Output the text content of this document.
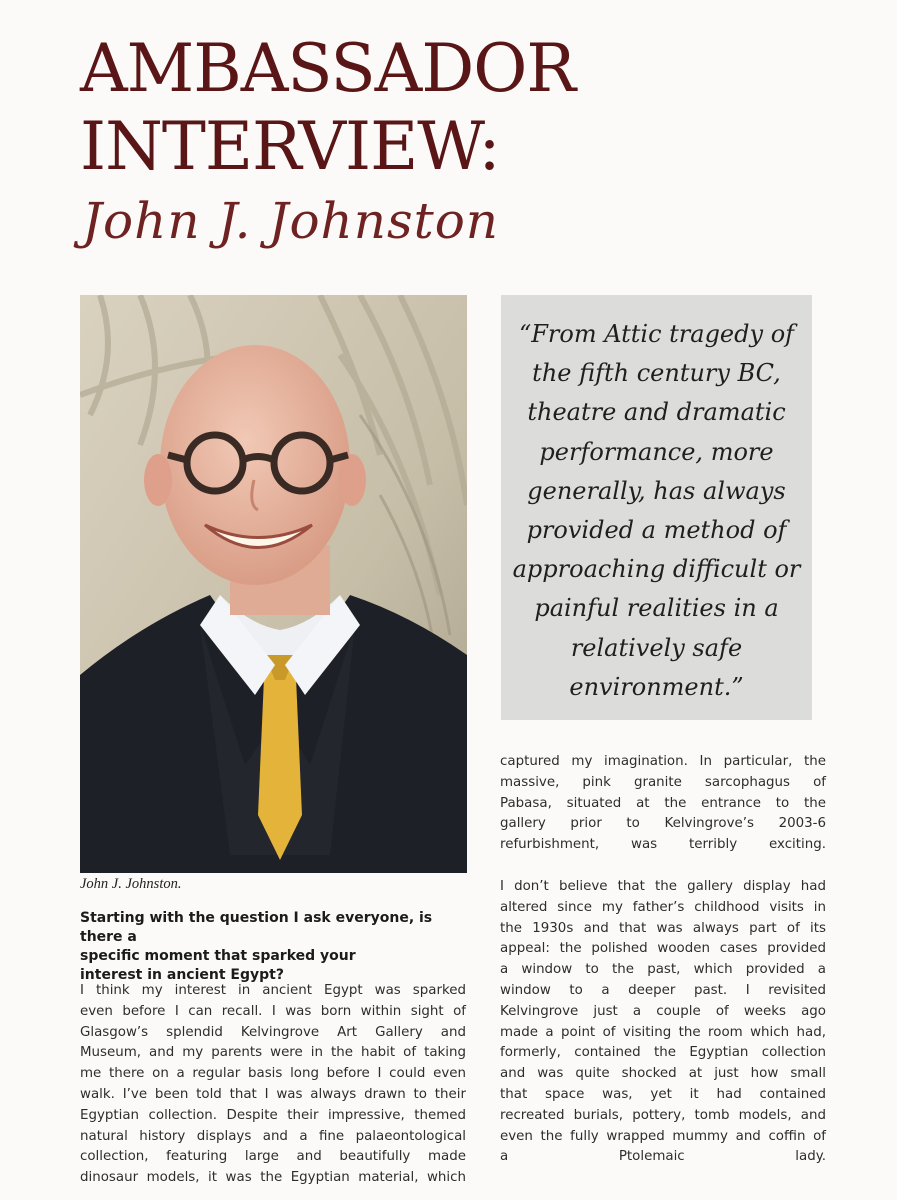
AMBASSADOR
INTERVIEW:
John J. Johnston
John J. Johnston.
“From Attic tragedy of
the fifth century BC,
theatre and dramatic
performance, more
generally, has always
provided a method of
approaching difficult or
painful realities in a
relatively safe
environment.”
Starting with the question I ask everyone, is there a
specific moment that sparked your
interest in ancient Egypt?
I think my interest in ancient Egypt was sparked
even before I can recall. I was born within sight of
Glasgow’s splendid Kelvingrove Art Gallery and
Museum, and my parents were in the habit of taking
me there on a regular basis long before I could even
walk. I’ve been told that I was always drawn to their
Egyptian collection. Despite their impressive, themed
natural history displays and a fine palaeontological
collection, featuring large and beautifully made
dinosaur models, it was the Egyptian material, which
captured my imagination. In particular, the
massive, pink granite sarcophagus of
Pabasa, situated at the entrance to the
gallery prior to Kelvingrove’s 2003-6
refurbishment, was terribly exciting.
I don’t believe that the gallery display had
altered since my father’s childhood visits in
the 1930s and that was always part of its
appeal: the polished wooden cases provided
a window to the past, which provided a
window to a deeper past. I revisited
Kelvingrove just a couple of weeks ago
made a point of visiting the room which had,
formerly, contained the Egyptian collection
and was quite shocked at just how small
that space was, yet it had contained
recreated burials, pottery, tomb models, and
even the fully wrapped mummy and coffin of
a Ptolemaic lady.
